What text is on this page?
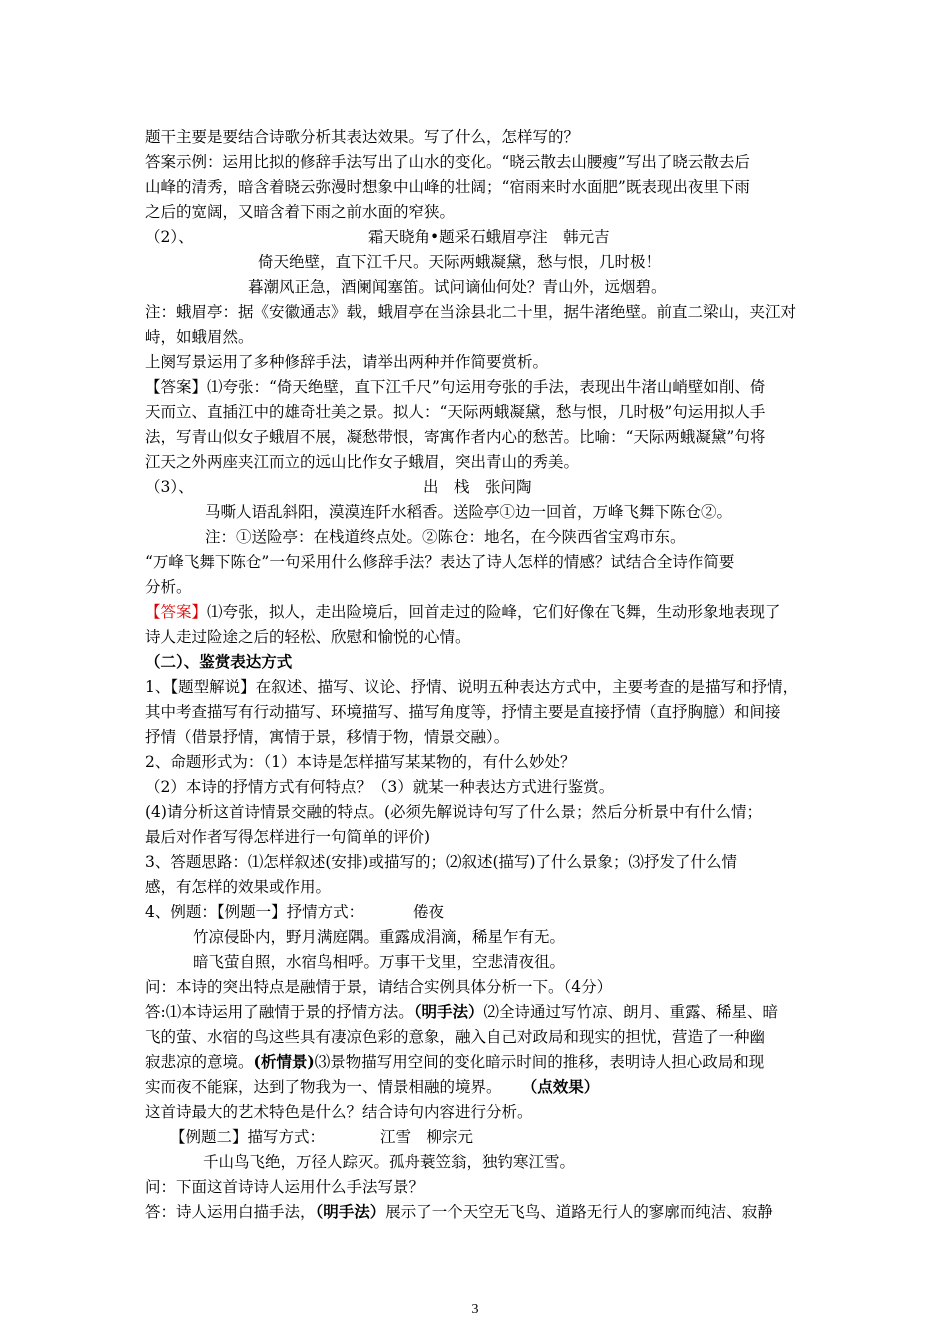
题干主要是要结合诗歌分析其表达效果。写了什么，怎样写的？
答案示例：运用比拟的修辞手法写出了山水的变化。“晓云散去山腰瘦”写出了晓云散去后
山峰的清秀，暗含着晓云弥漫时想象中山峰的壮阔；“宿雨来时水面肥”既表现出夜里下雨
之后的宽阔，又暗含着下雨之前水面的窄狭。
（2）、	霜天晓角•题采石蛾眉亭注　韩元吉
倚天绝壁，直下江千尺。天际两蛾凝黛，愁与恨，几时极！
暮潮风正急，酒阑闻塞笛。试问谪仙何处？青山外，远烟碧。
注：蛾眉亭：据《安徽通志》载，蛾眉亭在当涂县北二十里，据牛渚绝壁。前直二梁山，夹江对
峙，如蛾眉然。
上阕写景运用了多种修辞手法，请举出两种并作简要赏析。
【答案】⑴夸张：“倚天绝壁，直下江千尺”句运用夸张的手法，表现出牛渚山峭壁如削、倚
天而立、直插江中的雄奇壮美之景。拟人：“天际两蛾凝黛，愁与恨，几时极”句运用拟人手
法，写青山似女子蛾眉不展，凝愁带恨，寄寓作者内心的愁苦。比喻：“天际两蛾凝黛”句将
江天之外两座夹江而立的远山比作女子蛾眉，突出青山的秀美。
（3）、	出　栈　张问陶
马嘶人语乱斜阳，漠漠连阡水稻香。送险亭①边一回首，万峰飞舞下陈仓②。
注：①送险亭：在栈道终点处。②陈仓：地名，在今陕西省宝鸡市东。
“万峰飞舞下陈仓”一句采用什么修辞手法？表达了诗人怎样的情感？试结合全诗作简要
分析。
【答案】⑴夸张，拟人，走出险境后，回首走过的险峰，它们好像在飞舞，生动形象地表现了
诗人走过险途之后的轻松、欣慰和愉悦的心情。
（二）、鉴赏表达方式
1、【题型解说】在叙述、描写、议论、抒情、说明五种表达方式中，主要考查的是描写和抒情，
其中考查描写有行动描写、环境描写、描写角度等，抒情主要是直接抒情（直抒胸臆）和间接
抒情（借景抒情，寓情于景，移情于物，情景交融）。
2、命题形式为：（1）本诗是怎样描写某某物的，有什么妙处？
（2）本诗的抒情方式有何特点？（3）就某一种表达方式进行鉴赏。
(4)请分析这首诗情景交融的特点。(必须先解说诗句写了什么景；然后分析景中有什么情；
最后对作者写得怎样进行一句简单的评价)
3、答题思路：⑴怎样叙述(安排)或描写的；⑵叙述(描写)了什么景象；⑶抒发了什么情
感，有怎样的效果或作用。
4、例题：【例题一】抒情方式：	倦夜
竹凉侵卧内，野月满庭隅。重露成涓滴，稀星乍有无。
暗飞萤自照，水宿鸟相呼。万事干戈里，空悲清夜徂。
问：本诗的突出特点是融情于景，请结合实例具体分析一下。（4分）
答:⑴本诗运用了融情于景的抒情方法。（明手法）⑵全诗通过写竹凉、朗月、重露、稀星、暗
飞的萤、水宿的鸟这些具有凄凉色彩的意象，融入自己对政局和现实的担忧，营造了一种幽
寂悲凉的意境。(析情景)⑶景物描写用空间的变化暗示时间的推移，表明诗人担心政局和现
实而夜不能寐，达到了物我为一、情景相融的境界。 （点效果）
这首诗最大的艺术特色是什么？结合诗句内容进行分析。
【例题二】描写方式：	江雪　柳宗元
千山鸟飞绝，万径人踪灭。孤舟蓑笠翁，独钓寒江雪。
问：下面这首诗诗人运用什么手法写景？
答：诗人运用白描手法，（明手法）展示了一个天空无飞鸟、道路无行人的寥廓而纯洁、寂静
3
